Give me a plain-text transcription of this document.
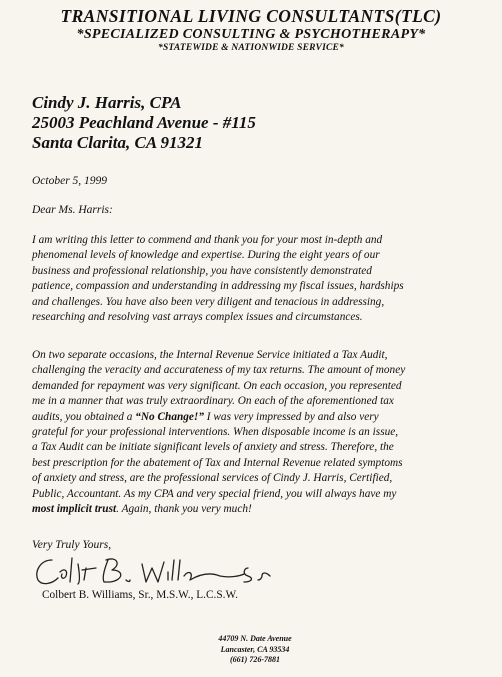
TRANSITIONAL LIVING CONSULTANTS(TLC)
*SPECIALIZED CONSULTING & PSYCHOTHERAPY*
*STATEWIDE & NATIONWIDE SERVICE*
Cindy J. Harris, CPA
25003 Peachland Avenue - #115
Santa Clarita, CA 91321
October 5, 1999
Dear Ms. Harris:

I am writing this letter to commend and thank you for your most in-depth and
phenomenal levels of knowledge and expertise. During the eight years of our
business and professional relationship, you have consistently demonstrated
patience, compassion and understanding in addressing my fiscal issues, hardships
and challenges. You have also been very diligent and tenacious in addressing,
researching and resolving vast arrays complex issues and circumstances.

On two separate occasions, the Internal Revenue Service initiated a Tax Audit,
challenging the veracity and accurateness of my tax returns. The amount of money
demanded for repayment was very significant. On each occasion, you represented
me in a manner that was truly extraordinary. On each of the aforementioned tax
audits, you obtained a “No Change!” I was very impressed by and also very
grateful for your professional interventions. When disposable income is an issue,
a Tax Audit can be initiate significant levels of anxiety and stress. Therefore, the
best prescription for the abatement of Tax and Internal Revenue related symptoms
of anxiety and stress, are the professional services of Cindy J. Harris, Certified,
Public, Accountant. As my CPA and very special friend, you will always have my
most implicit trust. Again, thank you very much!

Very Truly Yours,
Colbert B. Williams, Sr., M.S.W., L.C.S.W.
44709 N. Date Avenue
Lancaster, CA 93534
(661) 726-7881
